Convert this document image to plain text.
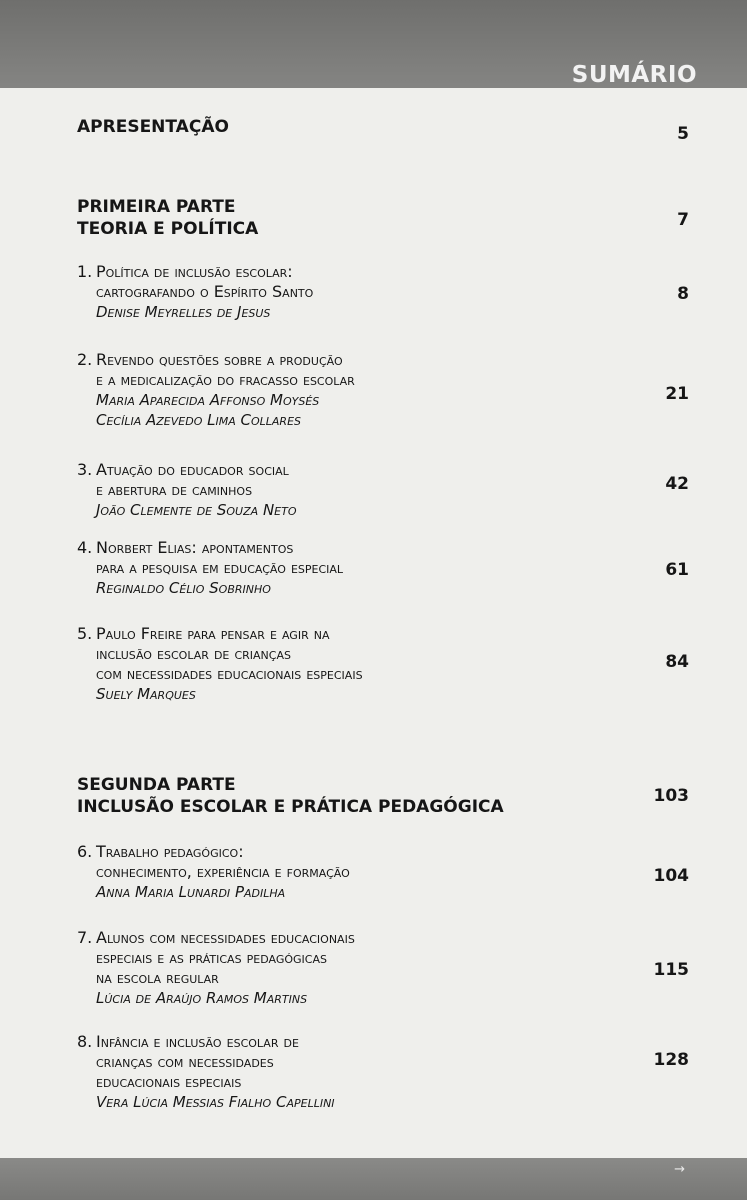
SUMÁRIO
APRESENTAÇÃO	5
PRIMEIRA PARTE
TEORIA E POLÍTICA	7
1. Política de inclusão escolar:
cartografando o Espírito Santo
Denise Meyrelles de Jesus
8
2. Revendo questões sobre a produção
e a medicalização do fracasso escolar
Maria Aparecida Affonso Moysés
Cecília Azevedo Lima Collares
21
3. Atuação do educador social
e abertura de caminhos
João Clemente de Souza Neto
42
4. Norbert Elias: apontamentos
para a pesquisa em educação especial
Reginaldo Célio Sobrinho
61
5. Paulo Freire para pensar e agir na
inclusão escolar de crianças
com necessidades educacionais especiais
Suely Marques
84
SEGUNDA PARTE
INCLUSÃO ESCOLAR E PRÁTICA PEDAGÓGICA
103
6. Trabalho pedagógico:
conhecimento, experiência e formação
Anna Maria Lunardi Padilha
104
7. Alunos com necessidades educacionais
especiais e as práticas pedagógicas
na escola regular
Lúcia de Araújo Ramos Martins
115
8. Infância e inclusão escolar de
crianças com necessidades
educacionais especiais
Vera Lúcia Messias Fialho Capellini
128
→
